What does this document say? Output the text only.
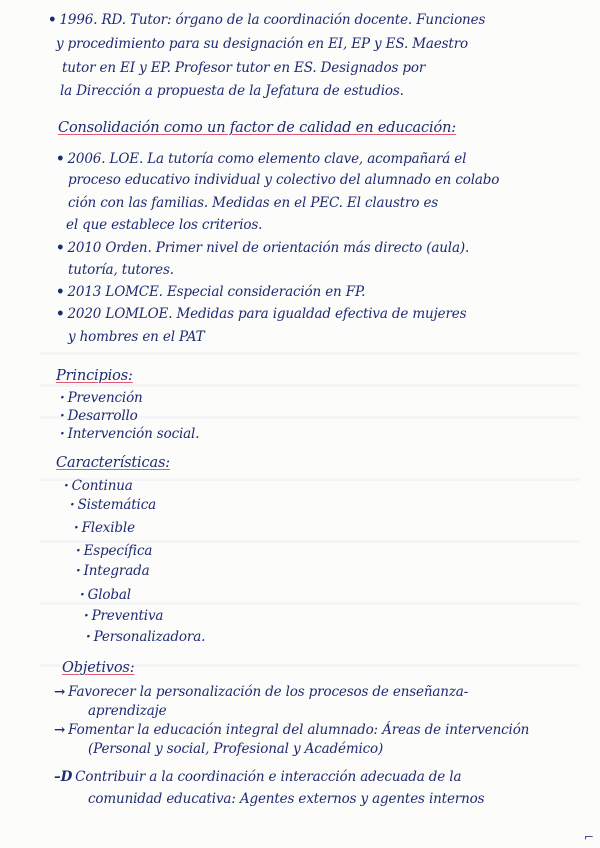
• 1996. RD. Tutor: órgano de la coordinación docente. Funciones
y procedimiento para su designación en EI, EP y ES. Maestro
tutor en EI y EP. Profesor tutor en ES. Designados por
la Dirección a propuesta de la Jefatura de estudios.
Consolidación como un factor de calidad en educación:
• 2006. LOE. La tutoría como elemento clave, acompañará el
proceso educativo individual y colectivo del alumnado en colabo
ción con las familias. Medidas en el PEC. El claustro es
el que establece los criterios.
• 2010 Orden. Primer nivel de orientación más directo (aula).
tutoría, tutores.
• 2013 LOMCE. Especial consideración en FP.
• 2020 LOMLOE. Medidas para igualdad efectiva de mujeres
y hombres en el PAT
Principios:
· Prevención
· Desarrollo
· Intervención social.
Características:
· Continua
· Sistemática
· Flexible
· Específica
· Integrada
· Global
· Preventiva
· Personalizadora.
Objetivos:
→ Favorecer la personalización de los procesos de enseñanza-
aprendizaje
→ Fomentar la educación integral del alumnado: Áreas de intervención
(Personal y social, Profesional y Académico)
–D Contribuir a la coordinación e interacción adecuada de la
comunidad educativa: Agentes externos y agentes internos
⌐
